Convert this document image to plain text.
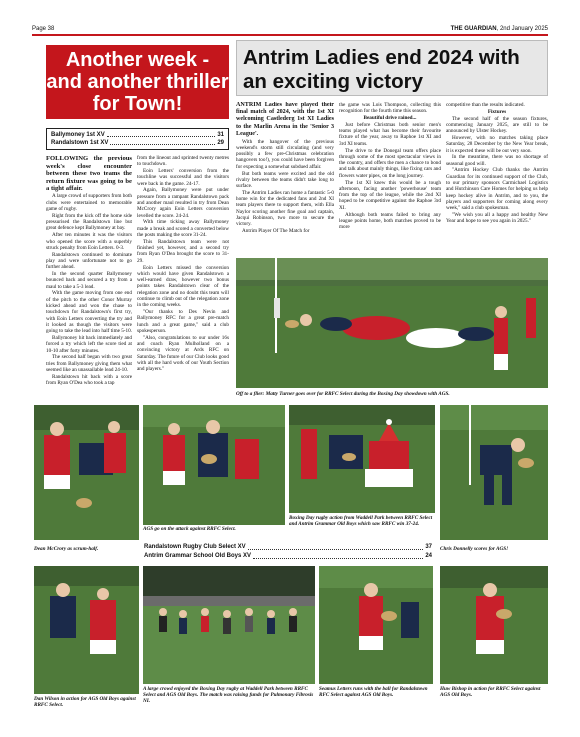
Page 38	THE GUARDIAN, 2nd January 2025
Another week - and another thriller for Town!
Ballymoney 1st XV	31
Randalstown 1st XV	29

FOLLOWING the previous week's close encounter between these two teams the return fixture was going to be a tight affair.

A large crowd of supporters from both clubs were entertained to memorable game of rugby.

Right from the kick off the home side pressurised the Randalstown line but great defence kept Ballymoney at bay.

After ten minutes it was the visitors who opened the score with a superbly struck penalty from Eoin Letters. 0-3.

Randalstown continued to dominate play and were unfortunate not to go further ahead.

In the second quarter Ballymoney bounced back and secured a try from a maul to take a 5-3 lead.

With the game moving from one end of the pitch to the other Conor Murray kicked ahead and won the chase to touchdown for Randalstown's first try, with Eoin Letters converting the try and it looked as though the visitors were going to take the lead into half time 5-10.

Ballymoney hit back immediately and forced a try which left the score tied at 10-10 after forty minutes.

The second half began with two great tries from Ballymoney giving them what seemed like an unassailable lead 24-10.

Randalstown hit back with a score from Ryan O'Dea who took a tap

from the lineout and sprinted twenty metres to touchdown.

Eoin Letters' conversion from the touchline was successful and the visitors were back in the game. 24-17.

Again, Ballymoney were put under pressure from a rampant Randalstown pack and another maul resulted in try from Dean McCrory again Eoin Letters conversion levelled the score. 24-24.

With time ticking away Ballymoney made a break and scored a converted below the posts making the score 31-24.

This Randalstown team were not finished yet, however, and a second try from Ryan O'Dea brought the score to 31-29.

Eoin Letters missed the conversion which would have given Randalstown a well-earned draw, however two bonus points takes Randalstown clear of the relegation zone and no doubt this team will continue to climb out of the relegation zone in the coming weeks.

"Our thanks to Des Nevin and Ballymoney RFC for a great pre-match lunch and a great game," said a club spokesperson.

"Also, congratulations to our under 16s and coach Ryan Mulholland on a convincing victory at Ards RFC on Saturday. The future of our Club looks good with all the hard work of our Youth Section and players."

Antrim Ladies end 2024 with an exciting victory

ANTRIM Ladies have played their final match of 2024, with the 1st XI welcoming Castlederg 1st XI Ladies to the Marlin Arena in the 'Senior 3 League'.

With the hangover of the previous weekend's storm still circulating (and very possibly a few pre-Christmas celebration hangovers too!), you could have been forgiven for expecting a somewhat subdued affair.

But both teams were excited and the old rivalry between the teams didn't take long to surface.

The Antrim Ladies ran home a fantastic 5-0 home win for the dedicated fans and 2nd XI team players there to support them, with Ella Naylor scoring another fine goal and captain, Jacqui Robinson, two more to secure the victory.

Antrim Player Of The Match for

the game was Lois Thompson, collecting this recognition for the fourth time this season.

Beautiful drive rained...

Just before Christmas both senior men's teams played what has become their favourite fixture of the year, away to Raphoe 1st XI and 3rd XI teams.

The drive to the Donegal team offers place through some of the most spectacular views in the country, and offers the men a chance to bond and talk about mainly things, like fixing cars and flowers water pipes, on the long journey.

The 1st XI knew this would be a tough afternoon, facing another 'powerhouse' team from the top of the league, while the 2nd XI hoped to be competitive against the Raphoe 3rd XI.

Although both teams failed to bring any league points home, both matches proved to be more

competitive than the results indicated.

Fixtures

The second half of the season fixtures, commencing January 2025, are still to be announced by Ulster Hockey.

However, with no matches taking place Saturday, 28 December by the New Year break, it is expected these will be out very soon.

In the meantime, there was no shortage of seasonal good will.

"Antrim Hockey Club thanks the Antrim Guardian for its continued support of the Club, to our primary sponsors Carmichael Logistics and Hutchinson Care Homes for helping us help keep hockey alive in Antrim, and to you, the players and supporters for coming along every week," said a club spokesman.

"We wish you all a happy and healthy New Year and hope to see you again in 2025."

Off to a flier: Matty Turner goes over for RRFC Select during the Boxing Day showdown with AGS.
Dean McCrory as scrum-half.
AGS go on the attack against RRFC Select.
Boxing Day rugby action from Waddell Park between RRFC Select and Antrim Grammar Old Boys which saw RRFC win 37-24.
Chris Donnelly scores for AGS!
Randalstown Rugby Club Select XV	37
Antrim Grammar School Old Boys XV	24
Dan Wilson in action for AGS Old Boys against RRFC Select.
A large crowd enjoyed the Boxing Day rugby at Waddell Park between RRFC Select and AGS Old Boys. The match was raising funds for Pulmonary Fibrosis NI.
Seamus Letters runs with the ball for Randalstown RFC Select against AGS Old Boys.
Huw Bishop in action for RRFC Select against AGS Old Boys.
